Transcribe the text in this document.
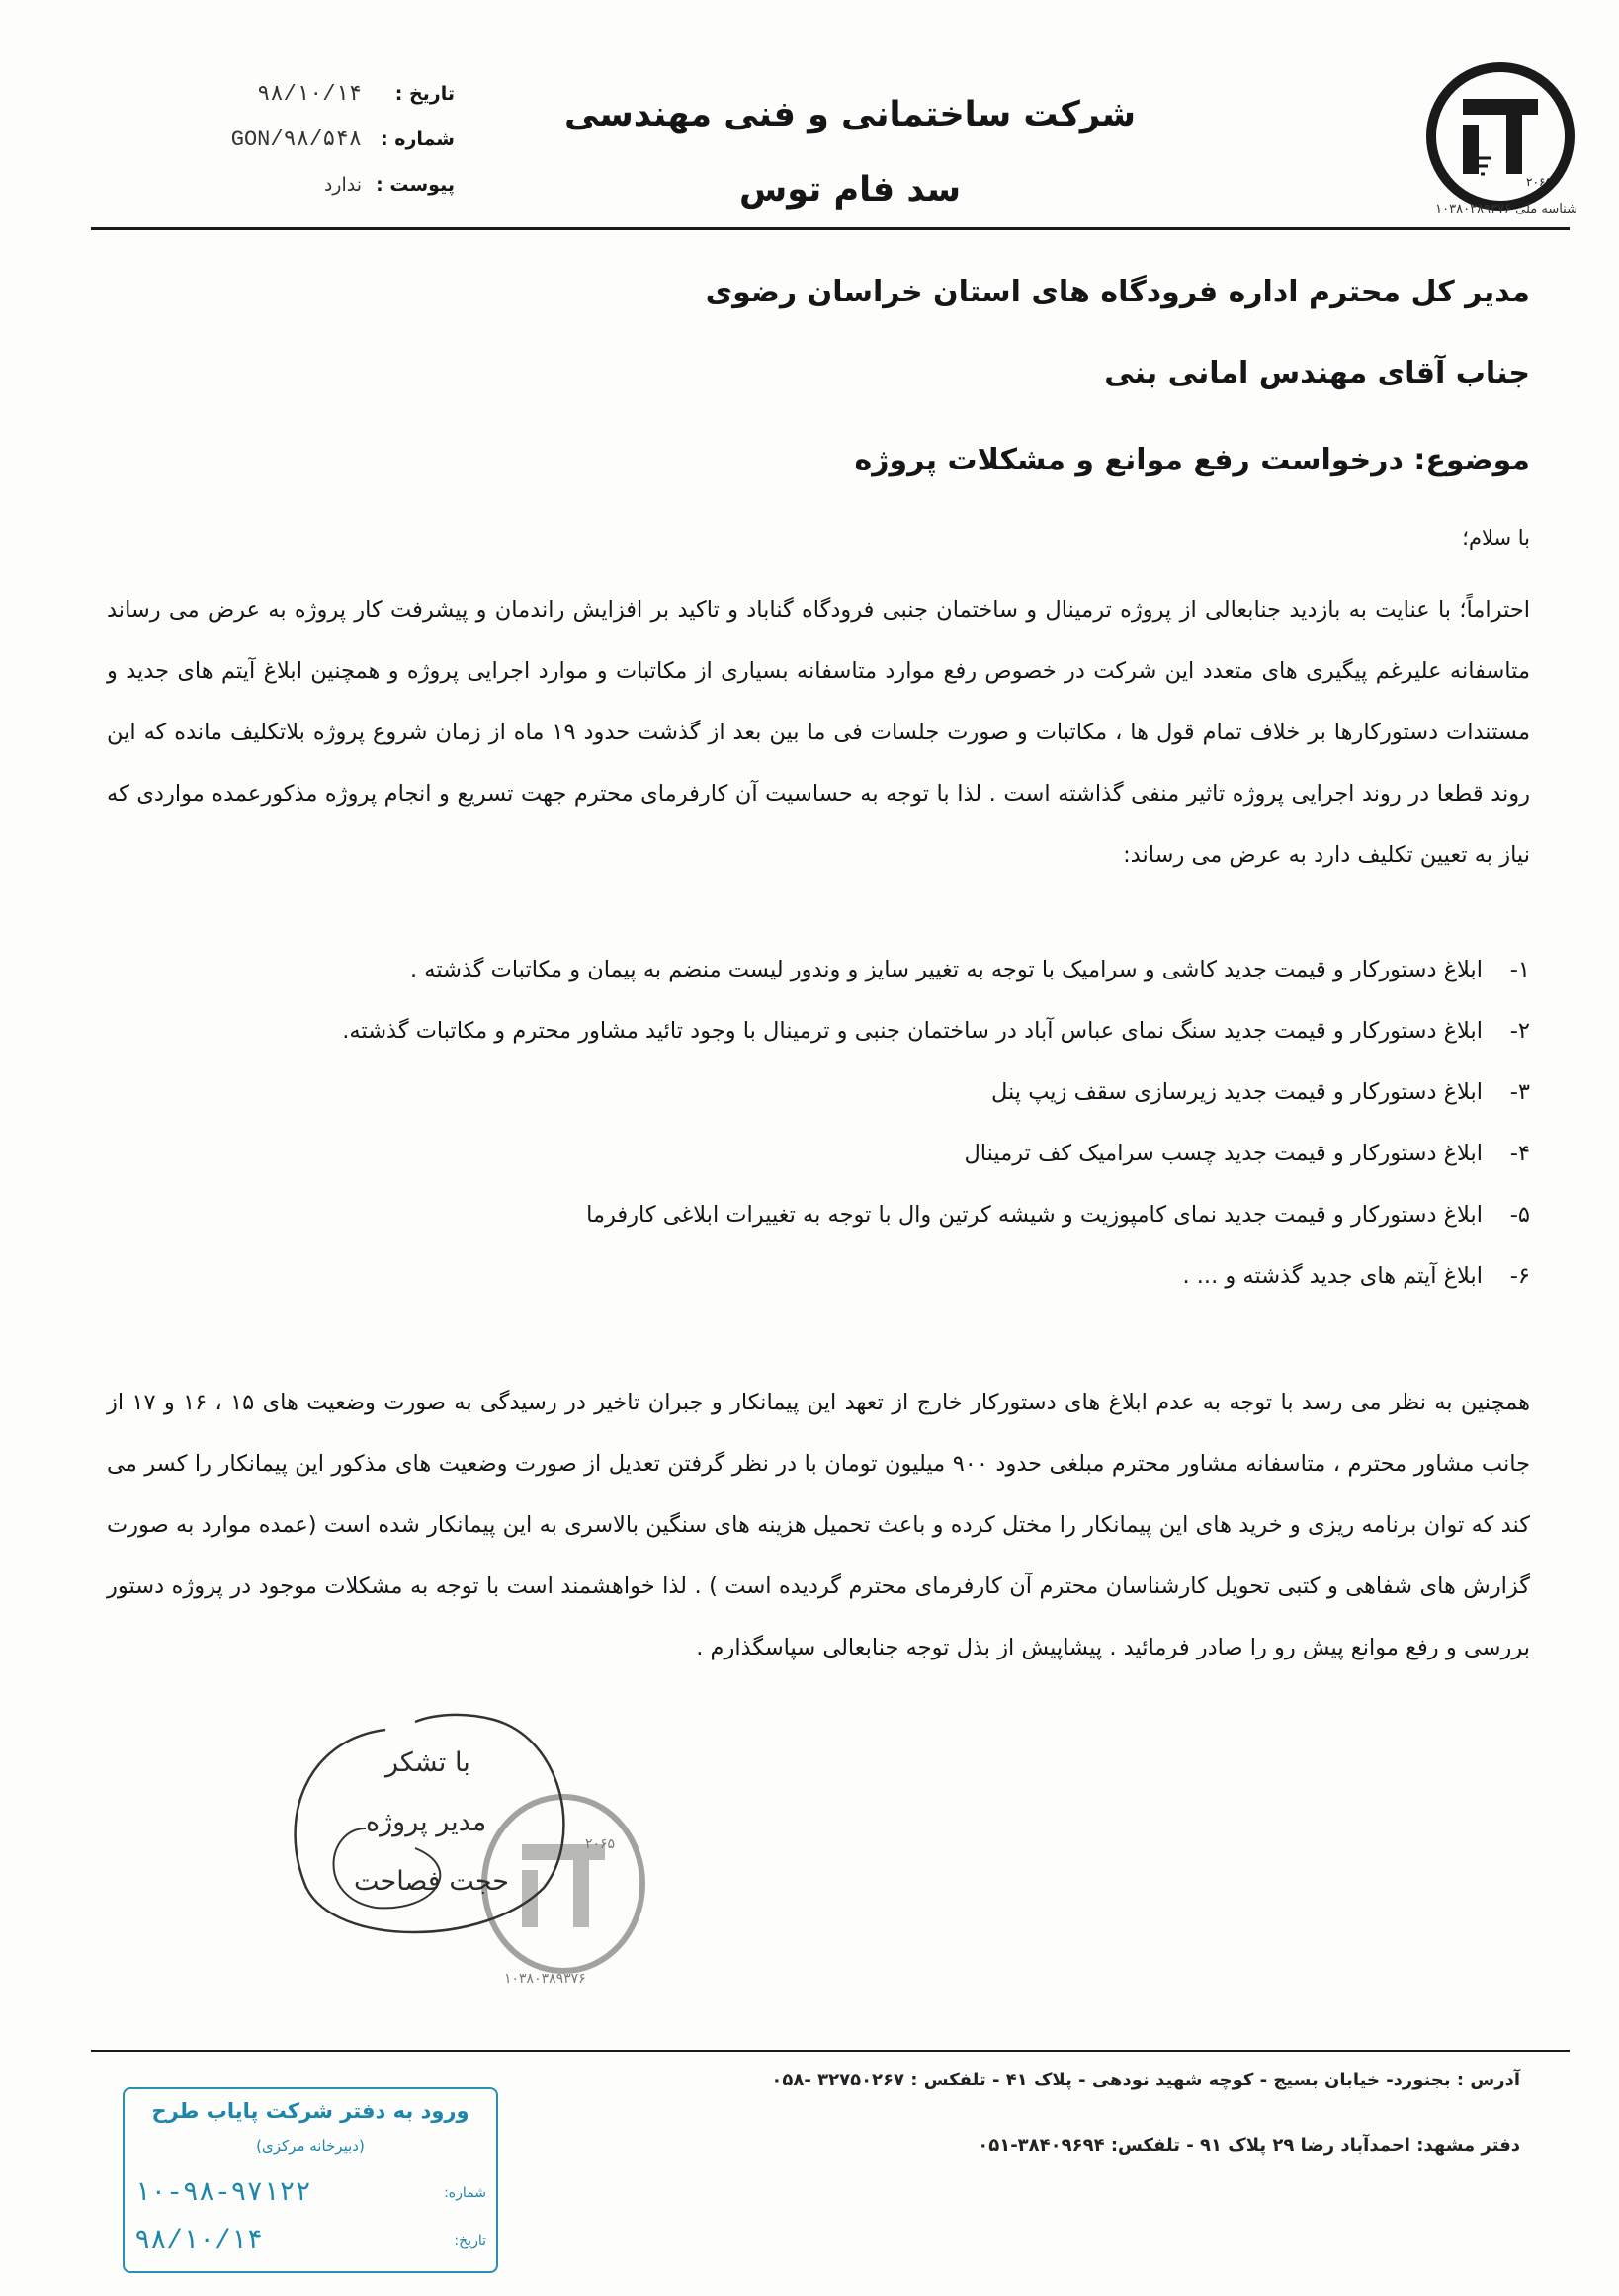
تاریخ :
۹۸/۱۰/۱۴
شماره :
GON/۹۸/۵۴۸
پیوست :
ندارد
شرکت ساختمانی و فنی مهندسی
سد فام توس	۲۰۶۵
شناسه ملی ۱۰۳۸۰۳۸۹۳۷۶
مدیر کل محترم اداره فرودگاه های استان خراسان رضوی
جناب آقای مهندس امانی بنی
موضوع: درخواست رفع موانع و مشکلات پروژه
با سلام؛
احتراماً؛ با عنایت به بازدید جنابعالی از پروژه ترمینال و ساختمان جنبی فرودگاه گناباد و تاکید بر افزایش راندمان و پیشرفت کار پروژه به عرض می رساند متاسفانه علیرغم پیگیری های متعدد این شرکت در خصوص رفع موارد متاسفانه بسیاری از مکاتبات و موارد اجرایی پروژه و همچنین ابلاغ آیتم های جدید و مستندات دستورکارها بر خلاف تمام قول ها ، مکاتبات و صورت جلسات فی ما بین بعد از گذشت حدود ۱۹ ماه از زمان شروع پروژه بلاتکلیف مانده که این روند قطعا در روند اجرایی پروژه تاثیر منفی گذاشته است . لذا با توجه به حساسیت آن کارفرمای محترم جهت تسریع و انجام پروژه مذکورعمده مواردی که نیاز به تعیین تکلیف دارد به عرض می رساند:
۱-
ابلاغ دستورکار و قیمت جدید کاشی و سرامیک با توجه به تغییر سایز و وندور لیست منضم به پیمان و مکاتبات گذشته .
۲-
ابلاغ دستورکار و قیمت جدید سنگ نمای عباس آباد در ساختمان جنبی و ترمینال با وجود تائید مشاور محترم و مکاتبات گذشته.
۳-
ابلاغ دستورکار و قیمت جدید زیرسازی سقف زیپ پنل
۴-
ابلاغ دستورکار و قیمت جدید چسب سرامیک کف ترمینال
۵-
ابلاغ دستورکار و قیمت جدید نمای کامپوزیت و شیشه کرتین وال با توجه به تغییرات ابلاغی کارفرما
۶-
ابلاغ آیتم های جدید گذشته و ... .
همچنین به نظر می رسد با توجه به عدم ابلاغ های دستورکار خارج از تعهد این پیمانکار و جبران تاخیر در رسیدگی به صورت وضعیت های ۱۵ ، ۱۶ و ۱۷ از جانب مشاور محترم ، متاسفانه مشاور محترم مبلغی حدود ۹۰۰ میلیون تومان با در نظر گرفتن تعدیل از صورت وضعیت های مذکور این پیمانکار را کسر می کند که توان برنامه ریزی و خرید های این پیمانکار را مختل کرده و باعث تحمیل هزینه های سنگین بالاسری به این پیمانکار شده است (عمده موارد به صورت گزارش های شفاهی و کتبی تحویل کارشناسان محترم آن کارفرمای محترم گردیده است ) . لذا خواهشمند است با توجه به مشکلات موجود در پروژه دستور بررسی و رفع موانع پیش رو را صادر فرمائید . پیشاپیش از بذل توجه جنابعالی سپاسگذارم .
۲۰۶۵
۱۰۳۸۰۳۸۹۳۷۶
با تشکر
مدیر پروژه
حجت فصاحت
آدرس : بجنورد- خیابان بسیج - کوچه شهید نودهی - پلاک ۴۱ - تلفکس : ۳۲۷۵۰۲۶۷ -۰۵۸
دفتر مشهد: احمدآباد رضا ۲۹ پلاک ۹۱ - تلفکس: ۳۸۴۰۹۶۹۴-۰۵۱
ورود به دفتر شرکت پایاب طرح
(دبیرخانه مرکزی)
شماره:
۱۰-۹۸-۹۷۱۲۲
تاریخ:
۹۸/۱۰/۱۴
